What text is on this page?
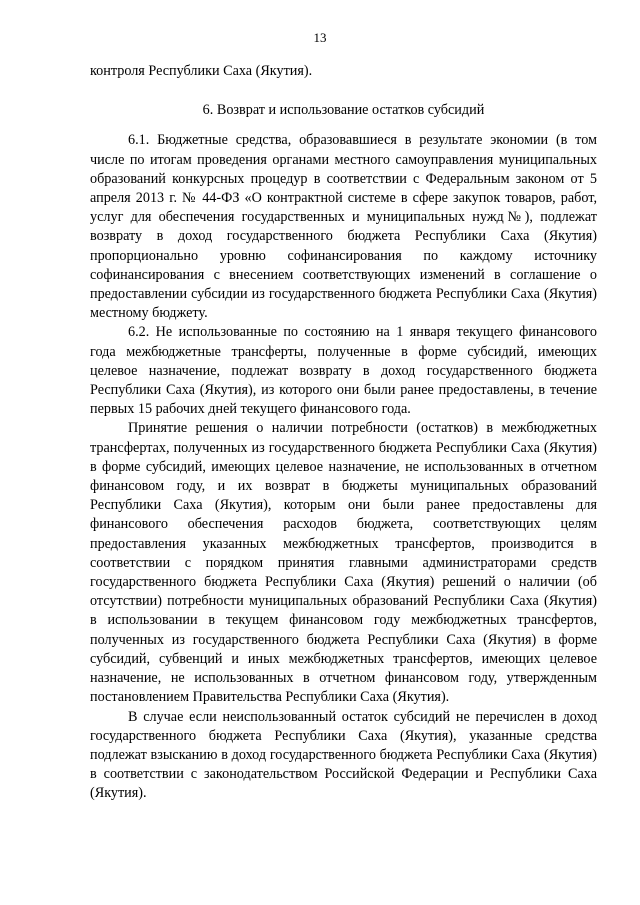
13

контроля Республики Саха (Якутия).

6. Возврат и использование остатков субсидий

6.1. Бюджетные средства, образовавшиеся в результате экономии (в том числе по итогам проведения органами местного самоуправления муниципальных образований конкурсных процедур в соответствии с Федеральным законом от 5 апреля 2013 г. № 44-ФЗ «О контрактной системе в сфере закупок товаров, работ, услуг для обеспечения государственных и муниципальных нужд№), подлежат возврату в доход государственного бюджета Республики Саха (Якутия) пропорционально уровню софинансирования по каждому источнику софинансирования с внесением соответствующих изменений в соглашение о предоставлении субсидии из государственного бюджета Республики Саха (Якутия) местному бюджету.

6.2. Не использованные по состоянию на 1 января текущего финансового года межбюджетные трансферты, полученные в форме субсидий, имеющих целевое назначение, подлежат возврату в доход государственного бюджета Республики Саха (Якутия), из которого они были ранее предоставлены, в течение первых 15 рабочих дней текущего финансового года.

Принятие решения о наличии потребности (остатков) в межбюджетных трансфертах, полученных из государственного бюджета Республики Саха (Якутия) в форме субсидий, имеющих целевое назначение, не использованных в отчетном финансовом году, и их возврат в бюджеты муниципальных образований Республики Саха (Якутия), которым они были ранее предоставлены для финансового обеспечения расходов бюджета, соответствующих целям предоставления указанных межбюджетных трансфертов, производится в соответствии с порядком принятия главными администраторами средств государственного бюджета Республики Саха (Якутия) решений о наличии (об отсутствии) потребности муниципальных образований Республики Саха (Якутия) в использовании в текущем финансовом году межбюджетных трансфертов, полученных из государственного бюджета Республики Саха (Якутия) в форме субсидий, субвенций и иных межбюджетных трансфертов, имеющих целевое назначение, не использованных в отчетном финансовом году, утвержденным постановлением Правительства Республики Саха (Якутия).

В случае если неиспользованный остаток субсидий не перечислен в доход государственного бюджета Республики Саха (Якутия), указанные средства подлежат взысканию в доход государственного бюджета Республики Саха (Якутия) в соответствии с законодательством Российской Федерации и Республики Саха (Якутия).
